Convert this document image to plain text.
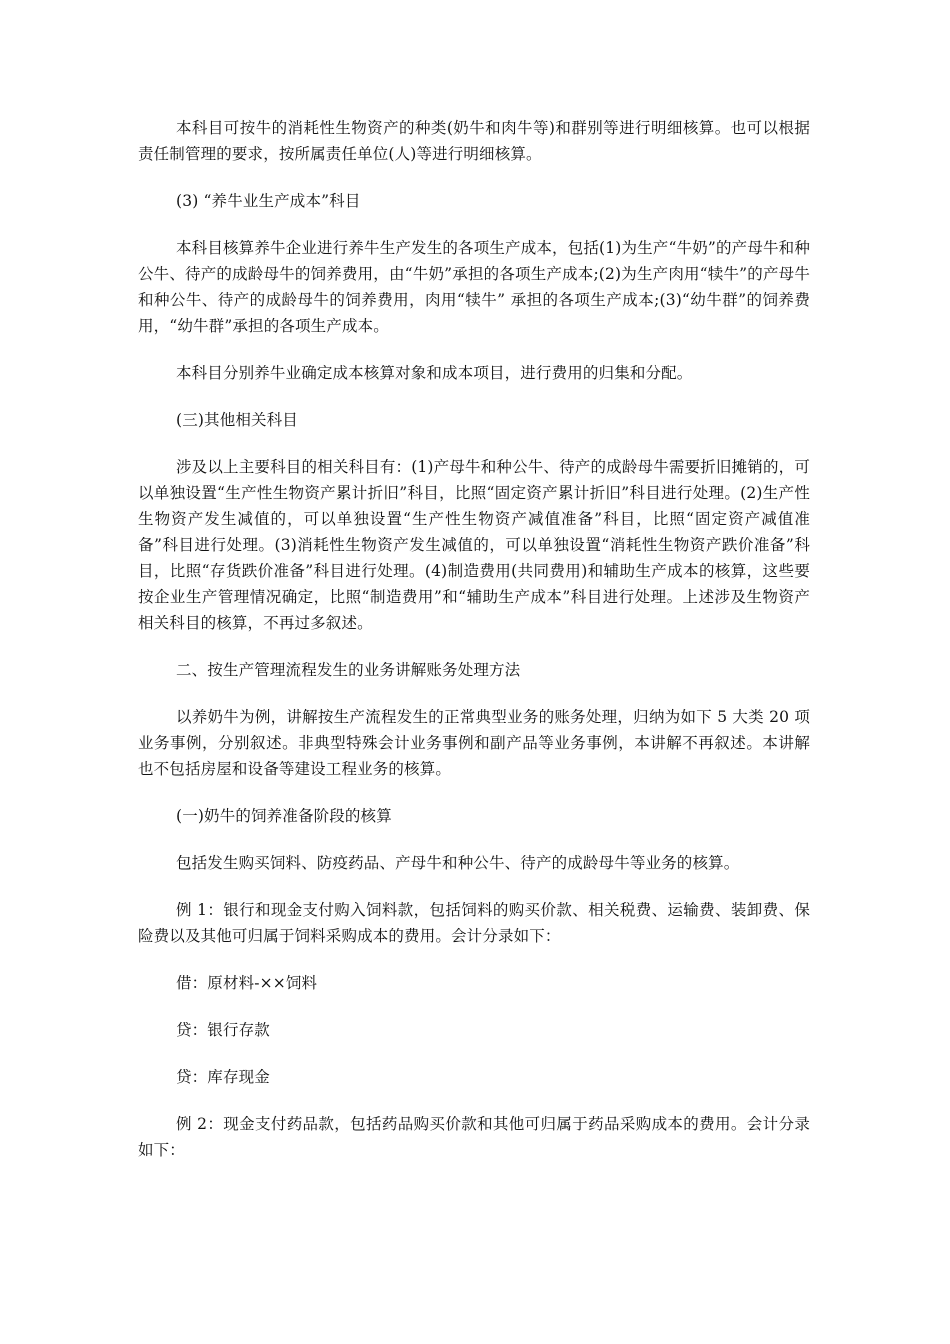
本科目可按牛的消耗性生物资产的种类(奶牛和肉牛等)和群别等进行明细核算。也可以根据责任制管理的要求，按所属责任单位(人)等进行明细核算。

(3) “养牛业生产成本”科目

本科目核算养牛企业进行养牛生产发生的各项生产成本，包括(1)为生产“牛奶”的产母牛和种公牛、待产的成龄母牛的饲养费用，由“牛奶”承担的各项生产成本;(2)为生产肉用“犊牛”的产母牛和种公牛、待产的成龄母牛的饲养费用，肉用“犊牛” 承担的各项生产成本;(3)“幼牛群”的饲养费用，“幼牛群”承担的各项生产成本。

本科目分别养牛业确定成本核算对象和成本项目，进行费用的归集和分配。

(三)其他相关科目

涉及以上主要科目的相关科目有：(1)产母牛和种公牛、待产的成龄母牛需要折旧摊销的，可以单独设置“生产性生物资产累计折旧”科目，比照“固定资产累计折旧”科目进行处理。(2)生产性生物资产发生减值的，可以单独设置“生产性生物资产减值准备”科目，比照“固定资产减值准备”科目进行处理。(3)消耗性生物资产发生减值的，可以单独设置“消耗性生物资产跌价准备”科目，比照“存货跌价准备”科目进行处理。(4)制造费用(共同费用)和辅助生产成本的核算，这些要按企业生产管理情况确定，比照“制造费用”和“辅助生产成本”科目进行处理。上述涉及生物资产相关科目的核算，不再过多叙述。

二、按生产管理流程发生的业务讲解账务处理方法

以养奶牛为例，讲解按生产流程发生的正常典型业务的账务处理，归纳为如下 5 大类 20 项业务事例，分别叙述。非典型特殊会计业务事例和副产品等业务事例，本讲解不再叙述。本讲解也不包括房屋和设备等建设工程业务的核算。

(一)奶牛的饲养准备阶段的核算

包括发生购买饲料、防疫药品、产母牛和种公牛、待产的成龄母牛等业务的核算。

例 1：银行和现金支付购入饲料款，包括饲料的购买价款、相关税费、运输费、装卸费、保险费以及其他可归属于饲料采购成本的费用。会计分录如下：

借：原材料-××饲料

贷：银行存款

贷：库存现金

例 2：现金支付药品款，包括药品购买价款和其他可归属于药品采购成本的费用。会计分录如下：
